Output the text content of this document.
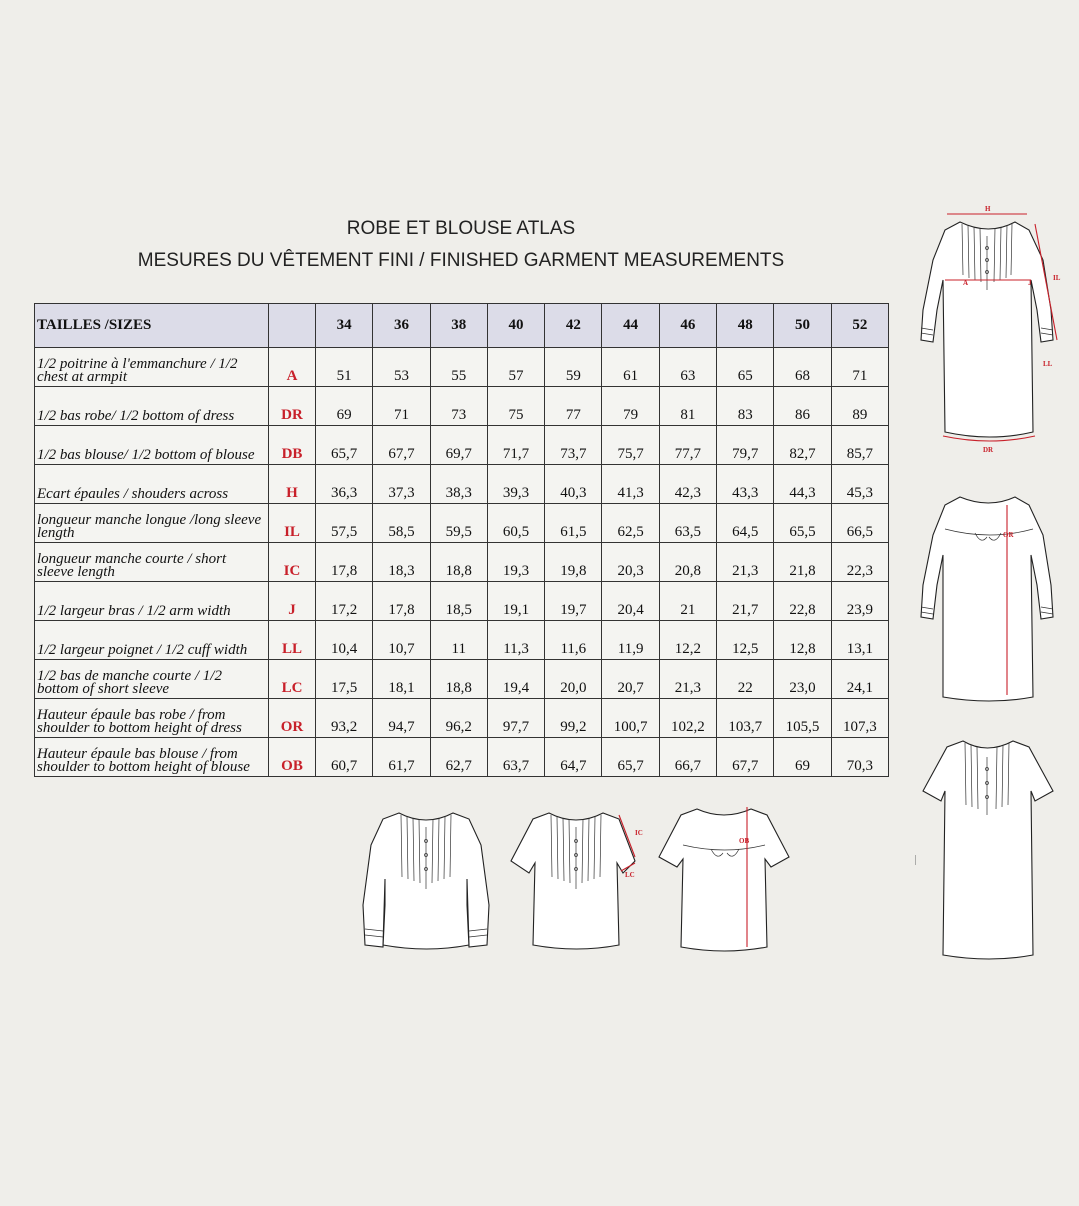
ROBE ET BLOUSE ATLAS
MESURES DU VÊTEMENT FINI / FINISHED GARMENT MEASUREMENTS
TAILLES /SIZES		34	36	38	40	42	44	46	48	50	52
1/2 poitrine à l'emmanchure / 1/2 chest at armpit	A	51	53	55	57	59	61	63	65	68	71
1/2 bas robe/ 1/2 bottom of dress	DR	69	71	73	75	77	79	81	83	86	89
1/2 bas blouse/ 1/2 bottom of blouse	DB	65,7	67,7	69,7	71,7	73,7	75,7	77,7	79,7	82,7	85,7
Ecart épaules / shouders across	H	36,3	37,3	38,3	39,3	40,3	41,3	42,3	43,3	44,3	45,3
longueur manche longue /long sleeve length	IL	57,5	58,5	59,5	60,5	61,5	62,5	63,5	64,5	65,5	66,5
longueur manche courte / short sleeve length	IC	17,8	18,3	18,8	19,3	19,8	20,3	20,8	21,3	21,8	22,3
1/2 largeur bras / 1/2 arm width	J	17,2	17,8	18,5	19,1	19,7	20,4	21	21,7	22,8	23,9
1/2 largeur poignet / 1/2 cuff width	LL	10,4	10,7	11	11,3	11,6	11,9	12,2	12,5	12,8	13,1
1/2 bas de manche courte / 1/2 bottom of short sleeve	LC	17,5	18,1	18,8	19,4	20,0	20,7	21,3	22	23,0	24,1
Hauteur épaule bas robe / from shoulder to bottom height of dress	OR	93,2	94,7	96,2	97,7	99,2	100,7	102,2	103,7	105,5	107,3
Hauteur épaule bas blouse / from shoulder to bottom height of blouse	OB	60,7	61,7	62,7	63,7	64,7	65,7	66,7	67,7	69	70,3
H
A
IL
J
LL
DR
OR
IC
LC
OB
